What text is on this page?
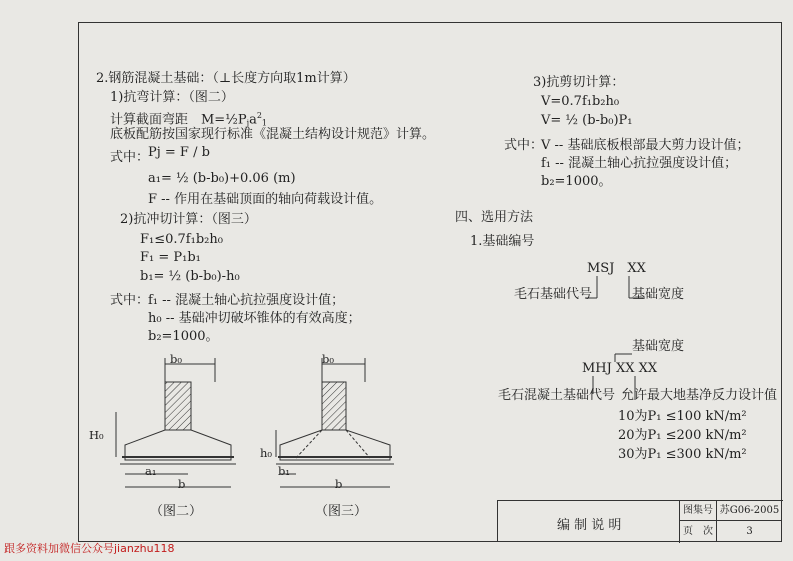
2.钢筋混凝土基础：（⊥长度方向取1m计算）
1)抗弯计算：（图二）
计算截面弯距　M=½Pja$^2$1
底板配筋按国家现行标准《混凝土结构设计规范》计算。
式中：
Pj = F / b
a₁= ½ (b-b₀)+0.06 (m)
F -- 作用在基础顶面的轴向荷载设计值。
2)抗冲切计算：（图三）
F₁≤0.7f₁b₂h₀
F₁ = P₁b₁
b₁= ½ (b-b₀)-h₀
式中：
f₁ -- 混凝土轴心抗拉强度设计值；
h₀ -- 基础冲切破坏锥体的有效高度；
b₂=1000。
b₀	b₀
H₀
h₀
a₁	b₁
b	b
（图二）	（图三）
3)抗剪切计算：
V=0.7f₁b₂h₀
V= ½ (b-b₀)P₁
式中：
V -- 基础底板根部最大剪力设计值；
f₁ -- 混凝土轴心抗拉强度设计值；
b₂=1000。
四、选用方法
1.基础编号
MSJ　XX
毛石基础代号	基础宽度
基础宽度
MHJ XX XX
毛石混凝土基础代号 允许最大地基净反力设计值
10为P₁ ≤100 kN/m²
20为P₁ ≤200 kN/m²
30为P₁ ≤300 kN/m²
编 制 说 明
图集号 苏G06-2005
页　次	3
跟多资料加微信公众号jianzhu118
